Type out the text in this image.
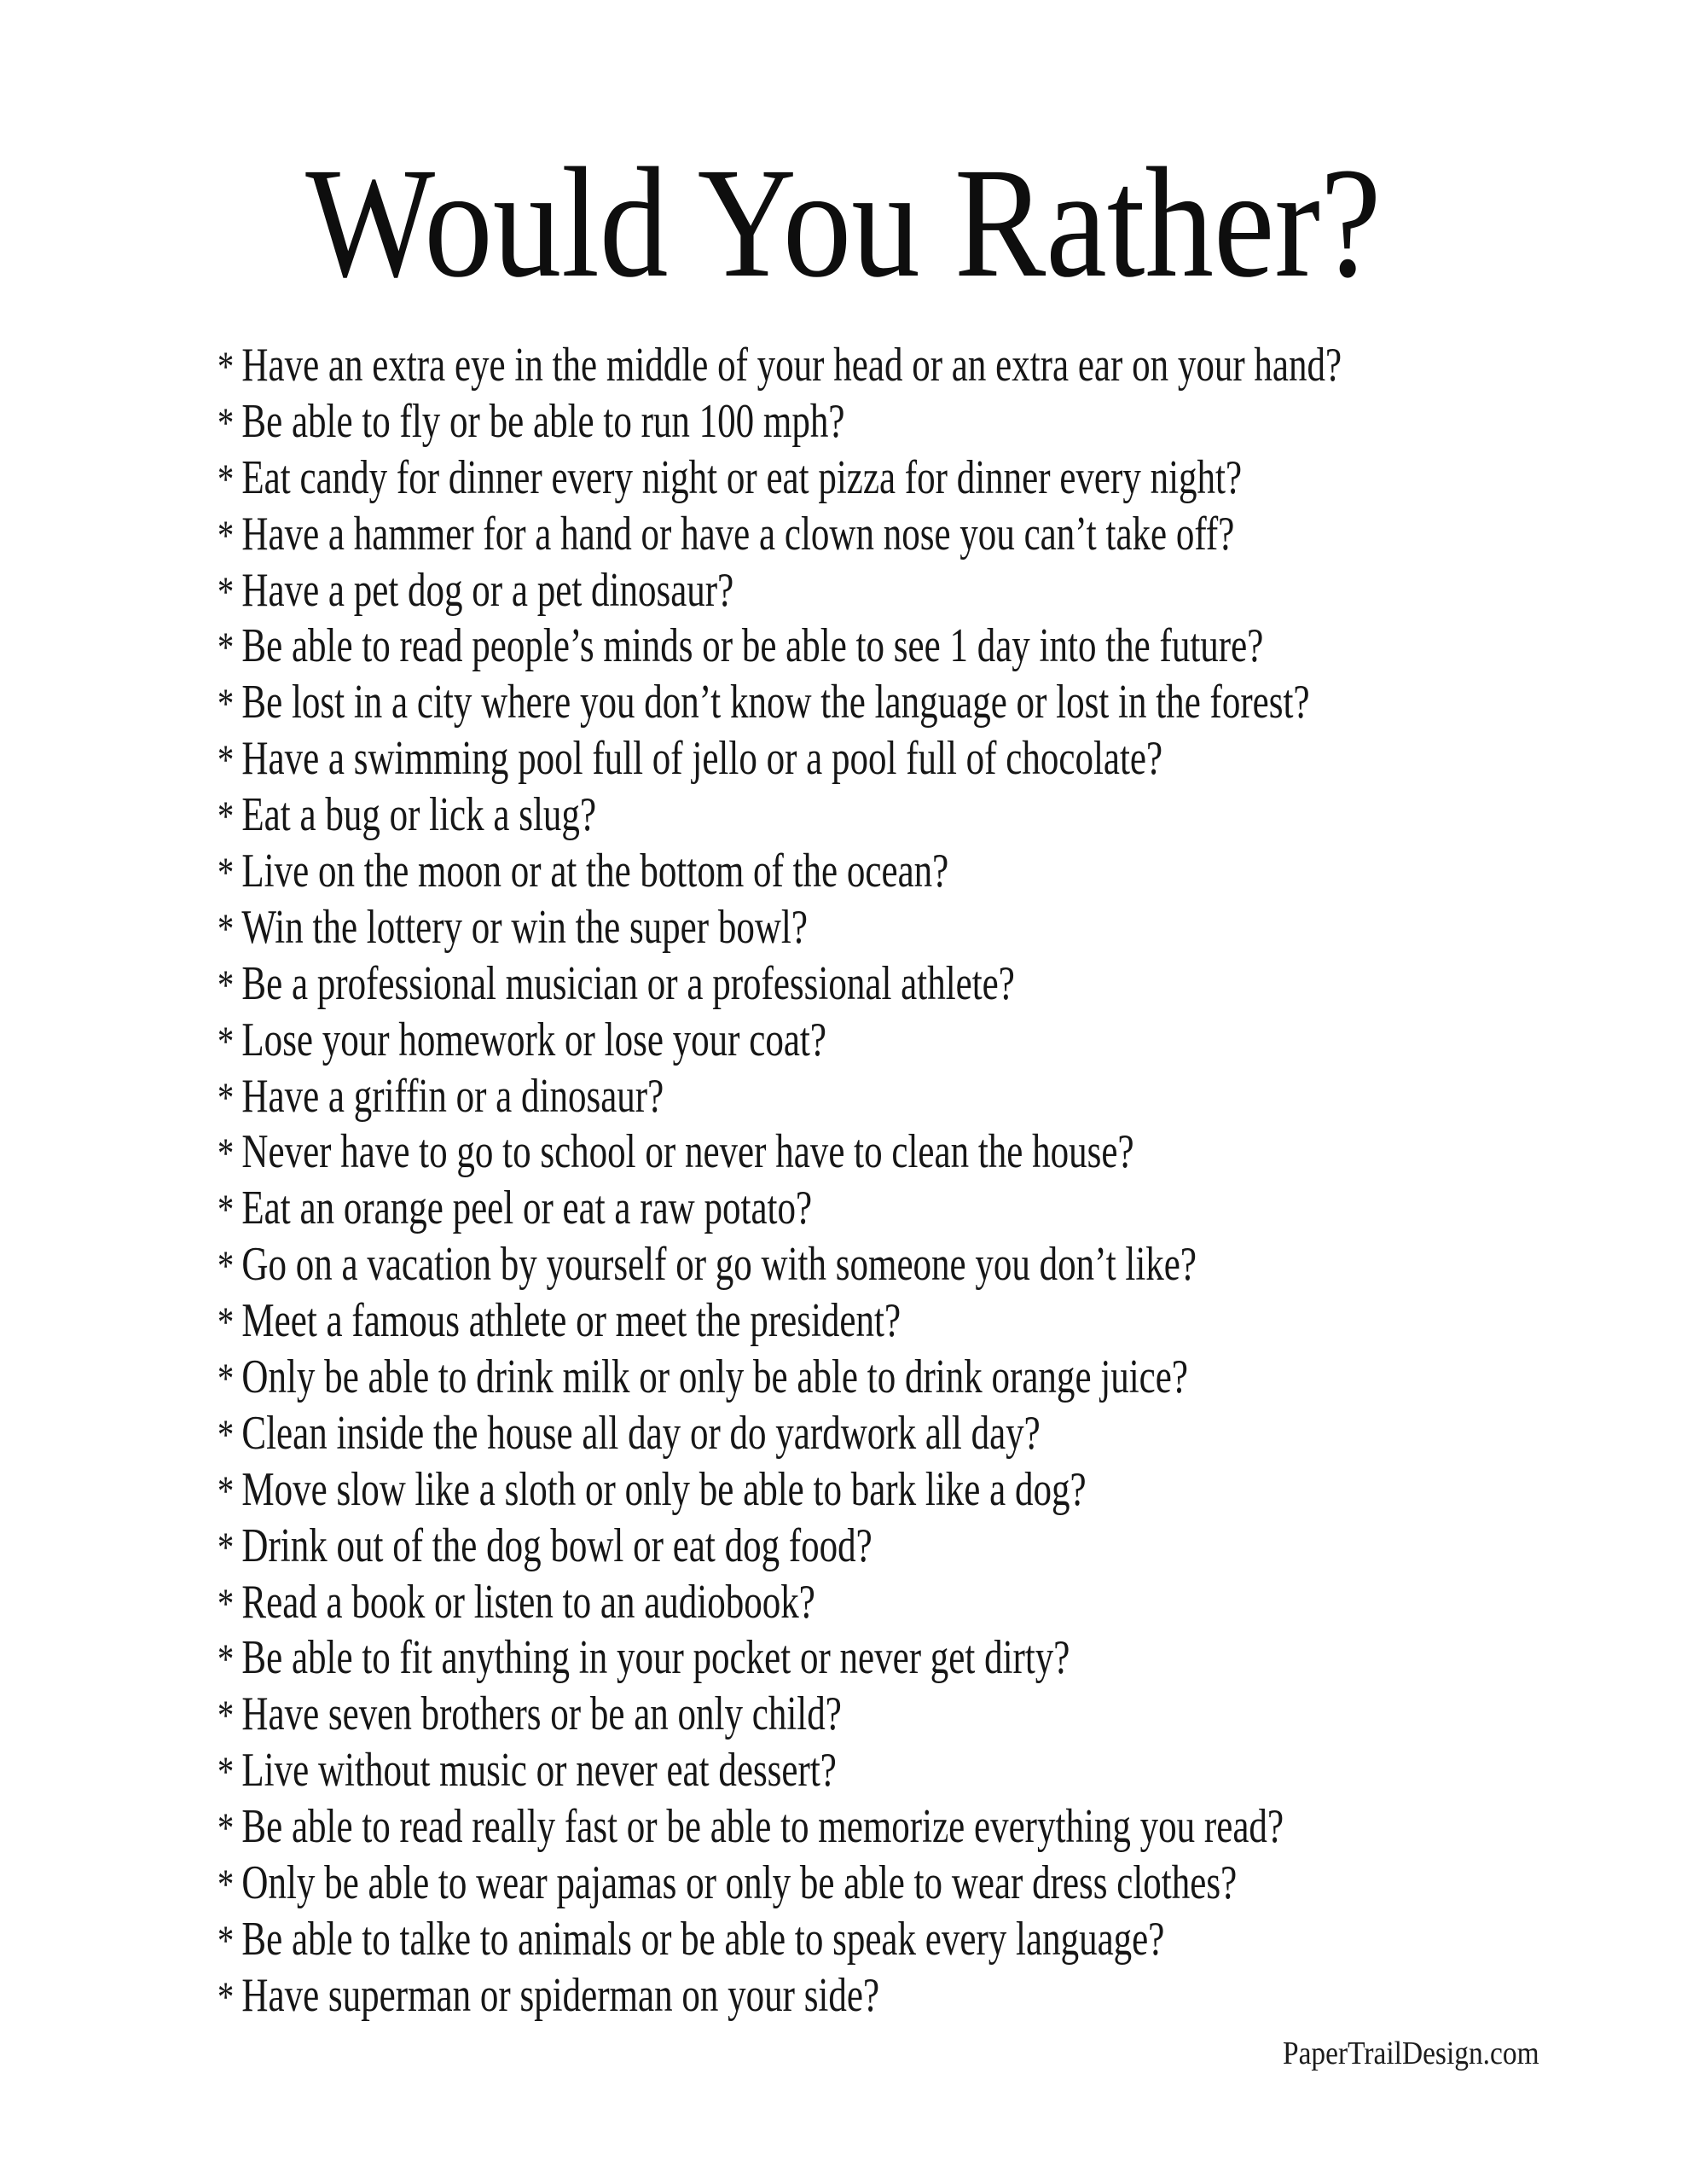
Would You Rather?
* Have an extra eye in the middle of your head or an extra ear on your hand?
* Be able to fly or be able to run 100 mph?
* Eat candy for dinner every night or eat pizza for dinner every night?
* Have a hammer for a hand or have a clown nose you can’t take off?
* Have a pet dog or a pet dinosaur?
* Be able to read people’s minds or be able to see 1 day into the future?
* Be lost in a city where you don’t know the language or lost in the forest?
* Have a swimming pool full of jello or a pool full of chocolate?
* Eat a bug or lick a slug?
* Live on the moon or at the bottom of the ocean?
* Win the lottery or win the super bowl?
* Be a professional musician or a professional athlete?
* Lose your homework or lose your coat?
* Have a griffin or a dinosaur?
* Never have to go to school or never have to clean the house?
* Eat an orange peel or eat a raw potato?
* Go on a vacation by yourself or go with someone you don’t like?
* Meet a famous athlete or meet the president?
* Only be able to drink milk or only be able to drink orange juice?
* Clean inside the house all day or do yardwork all day?
* Move slow like a sloth or only be able to bark like a dog?
* Drink out of the dog bowl or eat dog food?
* Read a book or listen to an audiobook?
* Be able to fit anything in your pocket or never get dirty?
* Have seven brothers or be an only child?
* Live without music or never eat dessert?
* Be able to read really fast or be able to memorize everything you read?
* Only be able to wear pajamas or only be able to wear dress clothes?
* Be able to talke to animals or be able to speak every language?
* Have superman or spiderman on your side?
PaperTrailDesign.com
